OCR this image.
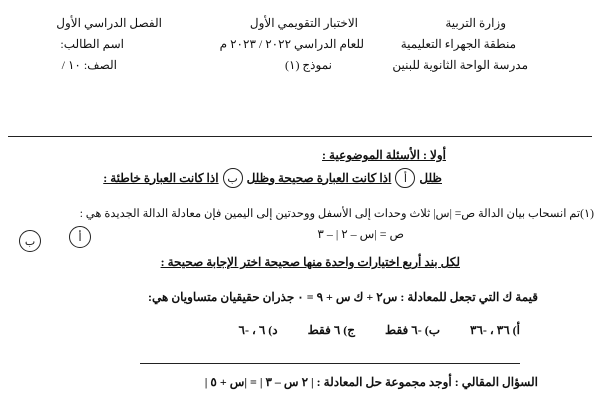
وزارة التربية
منطقة الجهراء التعليمية
مدرسة الواحة الثانوية للبنين
الاختبار التقويمي الأول
للعام الدراسي ٢٠٢٢ / ٢٠٢٣ م
نموذج (١)
الفصل الدراسي الأول
اسم الطالب:
الصف: ١٠ /
أولا : الأسئلة الموضوعية :
ظلل
أ
اذا كانت العبارة صحيحة وظلل
ب
اذا كانت العبارة خاطئة :
(١)تم انسحاب بيان الدالة ص= |س| ثلاث وحدات إلى الأسفل ووحدتين إلى اليمين فإن معادلة الدالة الجديدة هي :
ص = |س – ٢ | – ٣
ب	أ
لكل بند أربع اختيارات واحدة منها صحيحة اختر الإجابة صحيحة :
قيمة ك التي تجعل للمعادلة : س٢ + ك س + ٩ = ٠ جذران حقيقيان متساويان هي:
أ) ٣٦ ، -٣٦
ب) -٦ فقط
ج) ٦ فقط
د) ٦ ، -٦
السؤال المقالي : أوجد مجموعة حل المعادلة : | ٢ س – ٣ | = |س + ٥ |
